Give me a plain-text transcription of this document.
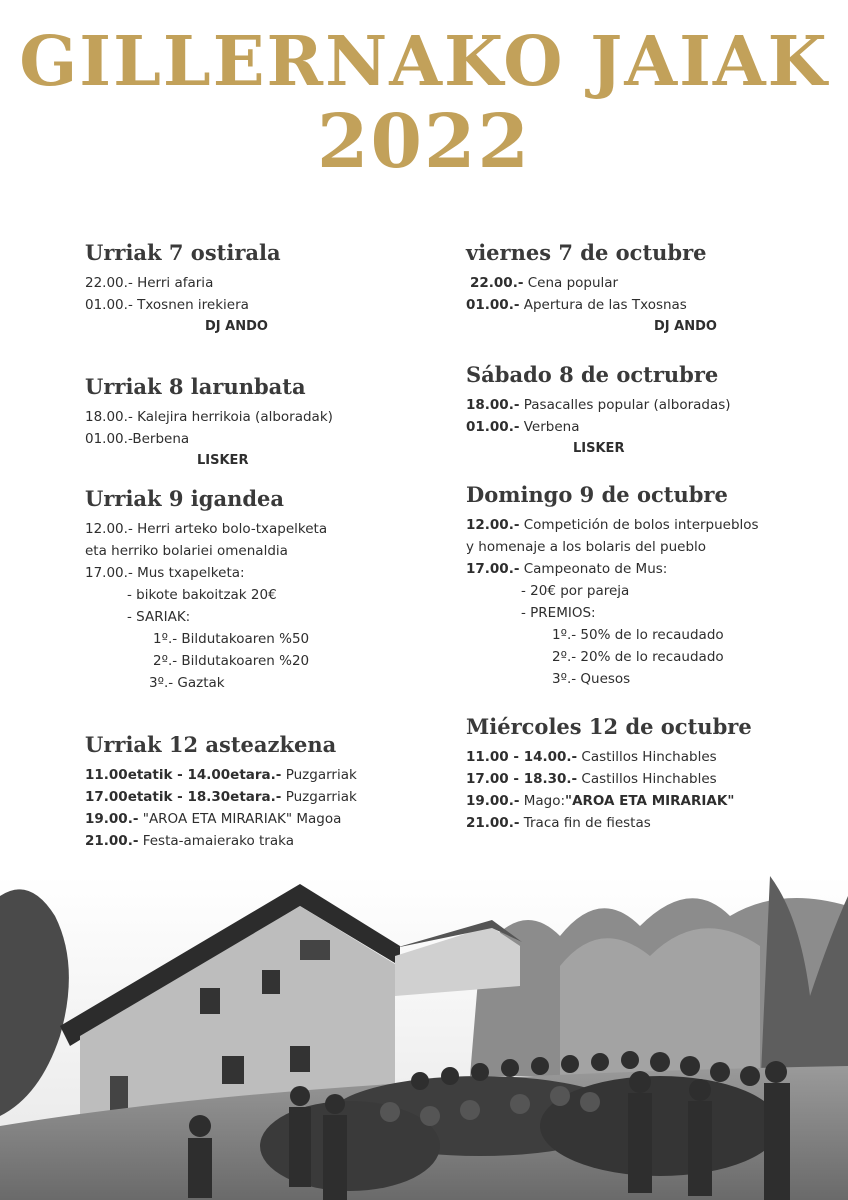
GILLERNAKO JAIAK
2022
Urriak 7 ostirala
22.00.- Herri afaria
01.00.- Txosnen irekiera
DJ ANDO
Urriak 8 larunbata
18.00.- Kalejira herrikoia (alboradak)
01.00.-Berbena
LISKER
Urriak 9 igandea
12.00.- Herri arteko bolo-txapelketa
eta herriko bolariei omenaldia
17.00.- Mus txapelketa:
- bikote bakoitzak 20€
- SARIAK:
1º.- Bildutakoaren %50
2º.- Bildutakoaren %20
3º.- Gaztak
Urriak 12 asteazkena
11.00etatik - 14.00etara.- Puzgarriak
17.00etatik - 18.30etara.- Puzgarriak
19.00.- "AROA ETA MIRARIAK" Magoa
21.00.- Festa-amaierako traka
viernes 7 de octubre
22.00.- Cena popular
01.00.- Apertura de las Txosnas
DJ ANDO
Sábado 8 de octrubre
18.00.- Pasacalles popular (alboradas)
01.00.- Verbena
LISKER
Domingo 9 de octubre
12.00.- Competición de bolos interpueblos
y homenaje a los bolaris del pueblo
17.00.- Campeonato de Mus:
- 20€ por pareja
- PREMIOS:
1º.- 50% de lo recaudado
2º.- 20% de lo recaudado
3º.- Quesos
Miércoles 12 de octubre
11.00 - 14.00.- Castillos Hinchables
17.00 - 18.30.- Castillos Hinchables
19.00.- Mago:"AROA ETA MIRARIAK"
21.00.- Traca fin de fiestas
